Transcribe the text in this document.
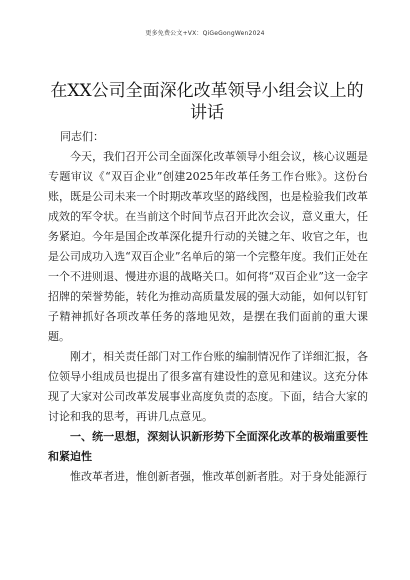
更多免费公文+VX：QiGeGongWen2024
在XX公司全面深化改革领导小组会议上的讲话

同志们：

今天，我们召开公司全面深化改革领导小组会议，核心议题是专题审议《“双百企业”创建2025年改革任务工作台账》。这份台账，既是公司未来一个时期改革攻坚的路线图，也是检验我们改革成效的军令状。在当前这个时间节点召开此次会议，意义重大，任务紧迫。今年是国企改革深化提升行动的关键之年、收官之年，也是公司成功入选“双百企业”名单后的第一个完整年度。我们正处在一个不进则退、慢进亦退的战略关口。如何将“双百企业”这一金字招牌的荣誉势能，转化为推动高质量发展的强大动能，如何以钉钉子精神抓好各项改革任务的落地见效，是摆在我们面前的重大课题。

刚才，相关责任部门对工作台账的编制情况作了详细汇报，各位领导小组成员也提出了很多富有建设性的意见和建议。这充分体现了大家对公司改革发展事业高度负责的态度。下面，结合大家的讨论和我的思考，再讲几点意见。

一、统一思想，深刻认识新形势下全面深化改革的极端重要性和紧迫性

惟改革者进，惟创新者强，惟改革创新者胜。对于身处能源行
